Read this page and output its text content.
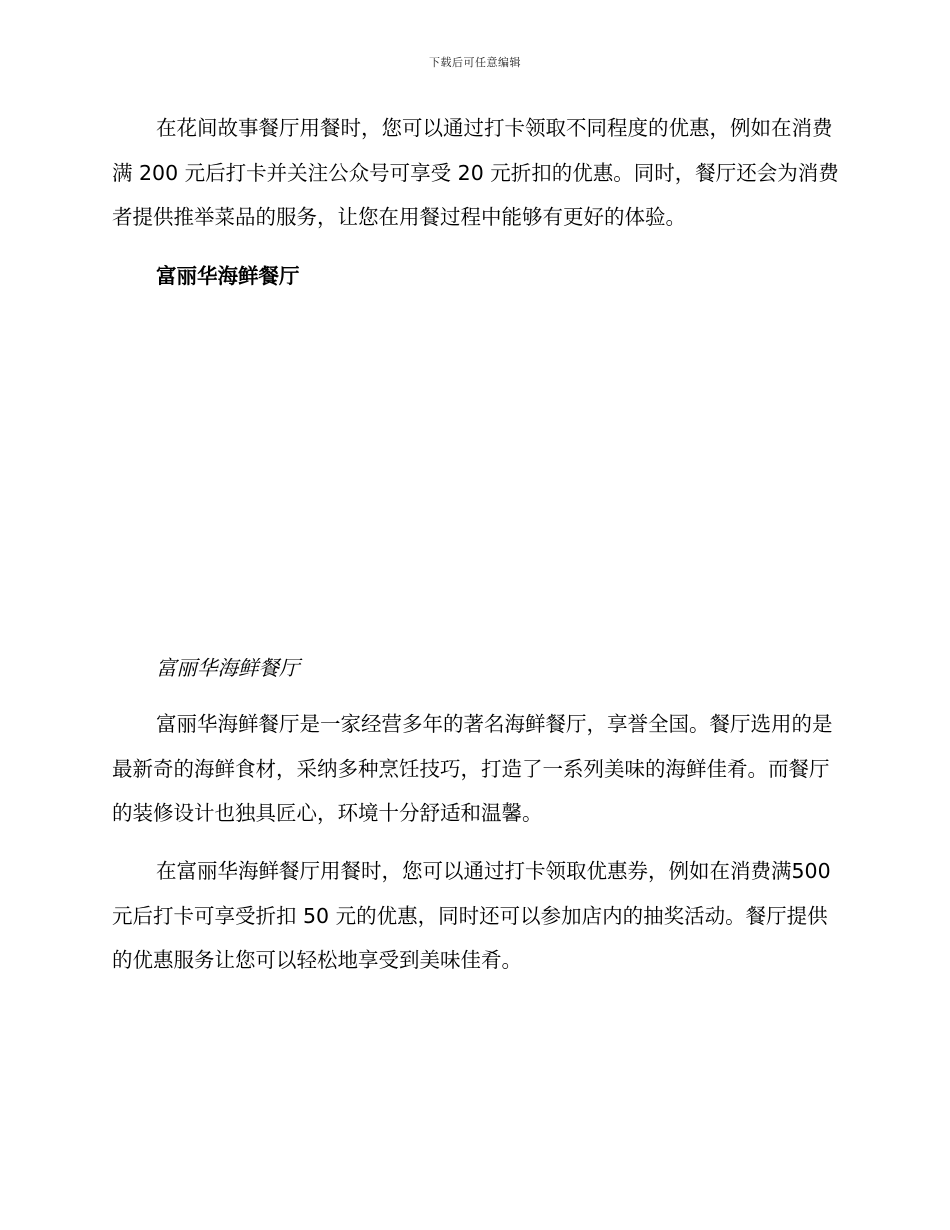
下载后可任意编辑

在花间故事餐厅用餐时，您可以通过打卡领取不同程度的优惠，例如在消费满 200 元后打卡并关注公众号可享受 20 元折扣的优惠。同时，餐厅还会为消费者提供推举菜品的服务，让您在用餐过程中能够有更好的体验。

富丽华海鲜餐厅

富丽华海鲜餐厅

富丽华海鲜餐厅是一家经营多年的著名海鲜餐厅，享誉全国。餐厅选用的是最新奇的海鲜食材，采纳多种烹饪技巧，打造了一系列美味的海鲜佳肴。而餐厅的装修设计也独具匠心，环境十分舒适和温馨。

在富丽华海鲜餐厅用餐时，您可以通过打卡领取优惠券，例如在消费满500 元后打卡可享受折扣 50 元的优惠，同时还可以参加店内的抽奖活动。餐厅提供的优惠服务让您可以轻松地享受到美味佳肴。
